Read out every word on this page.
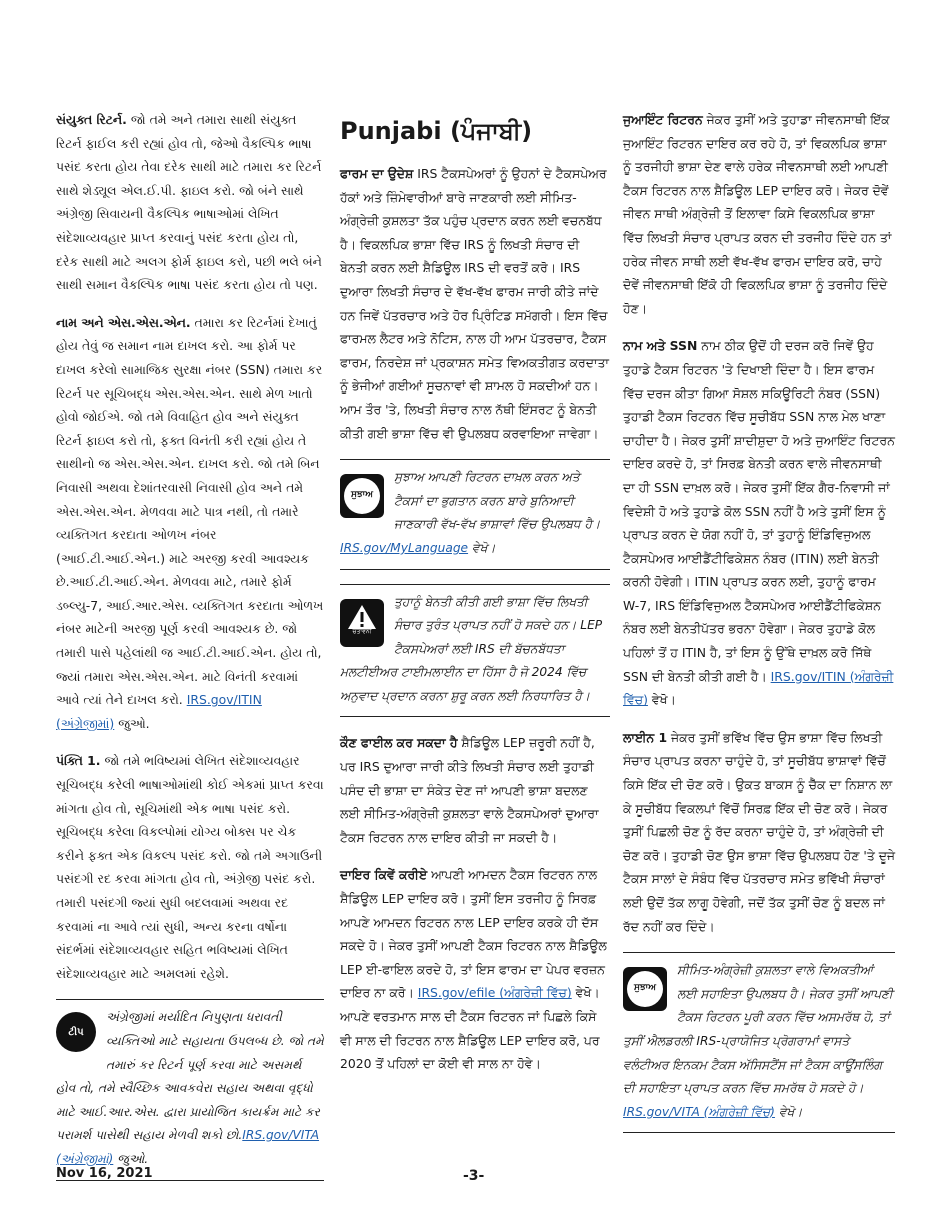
સંયુક્ત રિટર્ન. જો તમે અને તમારા સાથી સંયુક્ત રિટર્ન ફાઈલ કરી રહ્યાં હોવ તો, જેઓ વૈકલ્પિક ભાષા પસંદ કરતા હોય તેવા દરેક સાથી માટે તમારા કર રિટર્ન સાથે શેડ્યૂલ એલ.ઈ.પી. ફાઇલ કરો. જો બંને સાથે અંગ્રેજી સિવાયની વૈકલ્પિક ભાષાઓમાં લેખિત સંદેશાવ્યવહાર પ્રાપ્ત કરવાનું પસંદ કરતા હોય તો, દરેક સાથી માટે અલગ ફોર્મ ફાઇલ કરો, પછી ભલે બંને સાથી સમાન વૈકલ્પિક ભાષા પસંદ કરતા હોય તો પણ.

નામ અને એસ.એસ.એન. તમારા કર રિટર્નમાં દેખાતું હોય તેવું જ સમાન નામ દાખલ કરો. આ ફોર્મ પર દાખલ કરેલો સામાજિક સુરક્ષા નંબર (SSN) તમારા કર રિટર્ન પર સૂચિબદ્ધ એસ.એસ.એન. સાથે મેળ ખાતો હોવો જોઈએ. જો તમે વિવાહિત હોવ અને સંયુક્ત રિટર્ન ફાઇલ કરો તો, ફક્ત વિનંતી કરી રહ્યાં હોય તે સાથીનો જ એસ.એસ.એન. દાખલ કરો. જો તમે બિન નિવાસી અથવા દેશાંતરવાસી નિવાસી હોવ અને તમે એસ.એસ.એન. મેળવવા માટે પાત્ર નથી, તો તમારે વ્યક્તિગત કરદાતા ઓળખ નંબર (આઈ.ટી.આઈ.એન.) માટે અરજી કરવી આવશ્યક છે.આઈ.ટી.આઈ.એન. મેળવવા માટે, તમારે ફોર્મ ડબ્લ્યુ-7, આઈ.આર.એસ. વ્યક્તિગત કરદાતા ઓળખ નંબર માટેની અરજી પૂર્ણ કરવી આવશ્યક છે. જો તમારી પાસે પહેલાંથી જ આઈ.ટી.આઈ.એન. હોય તો, જ્યાં તમારા એસ.એસ.એન. માટે વિનંતી કરવામાં આવે ત્યાં તેને દાખલ કરો. IRS.gov/ITIN (અંગ્રેજીમાં) જુઓ.

પંક્તિ 1. જો તમે ભવિષ્યમાં લેખિત સંદેશાવ્યવહાર સૂચિબદ્ધ કરેલી ભાષાઓમાંથી કોઈ એકમાં પ્રાપ્ત કરવા માંગતા હોવ તો, સૂચિમાંથી એક ભાષા પસંદ કરો. સૂચિબદ્ધ કરેલા વિકલ્પોમાં યોગ્ય બોક્સ પર ચેક કરીને ફક્ત એક વિકલ્પ પસંદ કરો. જો તમે અગાઉની પસંદગી રદ કરવા માંગતા હોવ તો, અંગ્રેજી પસંદ કરો. તમારી પસંદગી જ્યાં સુધી બદલવામાં અથવા રદ કરવામાં ના આવે ત્યાં સુધી, અન્ય કરના વર્ષોના સંદર્ભમાં સંદેશાવ્યવહાર સહિત ભવિષ્યમાં લેખિત સંદેશાવ્યવહાર માટે અમલમાં રહેશે.

ટીપ
અંગ્રેજીમાં મર્યાદિત નિપુણતા ધરાવતી વ્યક્તિઓ માટે સહાયતા ઉપલબ્ધ છે. જો તમે તમારું કર રિટર્ન પૂર્ણ કરવા માટે અસમર્થ હોવ તો, તમે સ્વૈચ્છિક આવકવેરા સહાય અથવા વૃદ્ધો માટે આઈ.આર.એસ. દ્વારા પ્રાયોજિત કાયર્ક્રમ માટે કર પરામર્શ પાસેથી સહાય મેળવી શકો છો.IRS.gov/VITA (અંગ્રેજીમાં) જુઓ.
Punjabi (ਪੰਜਾਬੀ)

ਫਾਰਮ ਦਾ ਉਦੇਸ਼ IRS ਟੈਕਸਪੇਅਰਾਂ ਨੂੰ ਉਹਨਾਂ ਦੇ ਟੈਕਸਪੇਅਰ ਹੱਕਾਂ ਅਤੇ ਜ਼ਿੰਮੇਵਾਰੀਆਂ ਬਾਰੇ ਜਾਣਕਾਰੀ ਲਈ ਸੀਮਿਤ-ਅੰਗ੍ਰੇਜ਼ੀ ਕੁਸ਼ਲਤਾ ਤੱਕ ਪਹੁੰਚ ਪ੍ਰਦਾਨ ਕਰਨ ਲਈ ਵਚਨਬੱਧ ਹੈ। ਵਿਕਲਪਿਕ ਭਾਸ਼ਾ ਵਿੱਚ IRS ਨੂੰ ਲਿਖਤੀ ਸੰਚਾਰ ਦੀ ਬੇਨਤੀ ਕਰਨ ਲਈ ਸ਼ੈਡਿਊਲ IRS ਦੀ ਵਰਤੋਂ ਕਰੋ। IRS ਦੁਆਰਾ ਲਿਖਤੀ ਸੰਚਾਰ ਦੇ ਵੱਖ-ਵੱਖ ਫਾਰਮ ਜਾਰੀ ਕੀਤੇ ਜਾਂਦੇ ਹਨ ਜਿਵੇਂ ਪੱਤਰਚਾਰ ਅਤੇ ਹੋਰ ਪ੍ਰਿੰਟਿਡ ਸਮੱਗਰੀ। ਇਸ ਵਿੱਚ ਫਾਰਮਲ ਲੈਟਰ ਅਤੇ ਨੋਟਿਸ, ਨਾਲ ਹੀ ਆਮ ਪੱਤਰਚਾਰ, ਟੈਕਸ ਫਾਰਮ, ਨਿਰਦੇਸ਼ ਜਾਂ ਪ੍ਰਕਾਸ਼ਨ ਸਮੇਤ ਵਿਅਕਤੀਗਤ ਕਰਦਾਤਾ ਨੂੰ ਭੇਜੀਆਂ ਗਈਆਂ ਸੂਚਨਾਵਾਂ ਵੀ ਸ਼ਾਮਲ ਹੋ ਸਕਦੀਆਂ ਹਨ। ਆਮ ਤੌਰ 'ਤੇ, ਲਿਖਤੀ ਸੰਚਾਰ ਨਾਲ ਨੱਥੀ ਇੰਸਰਟ ਨੂੰ ਬੇਨਤੀ ਕੀਤੀ ਗਈ ਭਾਸ਼ਾ ਵਿੱਚ ਵੀ ਉਪਲਬਧ ਕਰਵਾਇਆ ਜਾਵੇਗਾ।

ਸੁਝਾਅ
ਸੁਝਾਅ ਆਪਣੀ ਰਿਟਰਨ ਦਾਖ਼ਲ ਕਰਨ ਅਤੇ ਟੈਕਸਾਂ ਦਾ ਭੁਗਤਾਨ ਕਰਨ ਬਾਰੇ ਬੁਨਿਆਦੀ ਜਾਣਕਾਰੀ ਵੱਖ-ਵੱਖ ਭਾਸ਼ਾਵਾਂ ਵਿੱਚ ਉਪਲਬਧ ਹੈ। IRS.gov/MyLanguage ਵੇਖੋ।
ਚੇਤਾਵਨੀ
ਤੁਹਾਨੂੰ ਬੇਨਤੀ ਕੀਤੀ ਗਈ ਭਾਸ਼ਾ ਵਿੱਚ ਲਿਖਤੀ ਸੰਚਾਰ ਤੁਰੰਤ ਪ੍ਰਾਪਤ ਨਹੀਂ ਹੋ ਸਕਦੇ ਹਨ। LEP ਟੈਕਸਪੇਅਰਾਂ ਲਈ IRS ਦੀ ਬੱਚਨਬੱਧਤਾ ਮਲਟੀਈਅਰ ਟਾਈਮਲਾਈਨ ਦਾ ਹਿੱਸਾ ਹੈ ਜੋ 2024 ਵਿੱਚ ਅਨੁਵਾਦ ਪ੍ਰਦਾਨ ਕਰਨਾ ਸ਼ੁਰੂ ਕਰਨ ਲਈ ਨਿਰਧਾਰਿਤ ਹੈ।

ਕੌਣ ਫਾਈਲ ਕਰ ਸਕਦਾ ਹੈ ਸ਼ੈਡਿਊਲ LEP ਜ਼ਰੂਰੀ ਨਹੀਂ ਹੈ, ਪਰ IRS ਦੁਆਰਾ ਜਾਰੀ ਕੀਤੇ ਲਿਖਤੀ ਸੰਚਾਰ ਲਈ ਤੁਹਾਡੀ ਪਸੰਦ ਦੀ ਭਾਸ਼ਾ ਦਾ ਸੰਕੇਤ ਦੇਣ ਜਾਂ ਆਪਣੀ ਭਾਸ਼ਾ ਬਦਲਣ ਲਈ ਸੀਮਿਤ-ਅੰਗ੍ਰੇਜ਼ੀ ਕੁਸ਼ਲਤਾ ਵਾਲੇ ਟੈਕਸਪੇਅਰਾਂ ਦੁਆਰਾ ਟੈਕਸ ਰਿਟਰਨ ਨਾਲ ਦਾਇਰ ਕੀਤੀ ਜਾ ਸਕਦੀ ਹੈ।

ਦਾਇਰ ਕਿਵੇਂ ਕਰੀਏ ਆਪਣੀ ਆਮਦਨ ਟੈਕਸ ਰਿਟਰਨ ਨਾਲ ਸ਼ੈਡਿਊਲ LEP ਦਾਇਰ ਕਰੋ। ਤੁਸੀਂ ਇਸ ਤਰਜੀਹ ਨੂੰ ਸਿਰਫ਼ ਆਪਣੇ ਆਮਦਨ ਰਿਟਰਨ ਨਾਲ LEP ਦਾਇਰ ਕਰਕੇ ਹੀ ਦੱਸ ਸਕਦੇ ਹੋ। ਜੇਕਰ ਤੁਸੀਂ ਆਪਣੀ ਟੈਕਸ ਰਿਟਰਨ ਨਾਲ ਸ਼ੈਡਿਊਲ LEP ਈ-ਫਾਇਲ ਕਰਦੇ ਹੋ, ਤਾਂ ਇਸ ਫਾਰਮ ਦਾ ਪੇਪਰ ਵਰਜ਼ਨ ਦਾਇਰ ਨਾ ਕਰੋ। IRS.gov/efile (ਅੰਗਰੇਜ਼ੀ ਵਿੱਚ) ਵੇਖੋ। ਆਪਣੇ ਵਰਤਮਾਨ ਸਾਲ ਦੀ ਟੈਕਸ ਰਿਟਰਨ ਜਾਂ ਪਿਛਲੇ ਕਿਸੇ ਵੀ ਸਾਲ ਦੀ ਰਿਟਰਨ ਨਾਲ ਸ਼ੈਡਿਊਲ LEP ਦਾਇਰ ਕਰੋ, ਪਰ 2020 ਤੋਂ ਪਹਿਲਾਂ ਦਾ ਕੋਈ ਵੀ ਸਾਲ ਨਾ ਹੋਵੇ।

ਜੁਆਇੰਟ ਰਿਟਰਨ ਜੇਕਰ ਤੁਸੀਂ ਅਤੇ ਤੁਹਾਡਾ ਜੀਵਨਸਾਥੀ ਇੱਕ ਜੁਆਇੰਟ ਰਿਟਰਨ ਦਾਇਰ ਕਰ ਰਹੇ ਹੋ, ਤਾਂ ਵਿਕਲਪਿਕ ਭਾਸ਼ਾ ਨੂੰ ਤਰਜੀਹੀ ਭਾਸ਼ਾ ਦੇਣ ਵਾਲੇ ਹਰੇਕ ਜੀਵਨਸਾਥੀ ਲਈ ਆਪਣੀ ਟੈਕਸ ਰਿਟਰਨ ਨਾਲ ਸ਼ੈਡਿਊਲ LEP ਦਾਇਰ ਕਰੋ। ਜੇਕਰ ਦੋਵੇਂ ਜੀਵਨ ਸਾਥੀ ਅੰਗ੍ਰੇਜ਼ੀ ਤੋਂ ਇਲਾਵਾ ਕਿਸੇ ਵਿਕਲਪਿਕ ਭਾਸ਼ਾ ਵਿੱਚ ਲਿਖਤੀ ਸੰਚਾਰ ਪ੍ਰਾਪਤ ਕਰਨ ਦੀ ਤਰਜੀਹ ਦਿੰਦੇ ਹਨ ਤਾਂ ਹਰੇਕ ਜੀਵਨ ਸਾਥੀ ਲਈ ਵੱਖ-ਵੱਖ ਫਾਰਮ ਦਾਇਰ ਕਰੋ, ਚਾਹੇ ਦੋਵੇਂ ਜੀਵਨਸਾਥੀ ਇੱਕੋ ਹੀ ਵਿਕਲਪਿਕ ਭਾਸ਼ਾ ਨੂੰ ਤਰਜੀਹ ਦਿੰਦੇ ਹੋਣ।

ਨਾਮ ਅਤੇ SSN ਨਾਮ ਠੀਕ ਉਦੋਂ ਹੀ ਦਰਜ ਕਰੋ ਜਿਵੇਂ ਉਹ ਤੁਹਾਡੇ ਟੈਕਸ ਰਿਟਰਨ 'ਤੇ ਦਿਖਾਈ ਦਿੰਦਾ ਹੈ। ਇਸ ਫਾਰਮ ਵਿੱਚ ਦਰਜ ਕੀਤਾ ਗਿਆ ਸੋਸ਼ਲ ਸਕਿਊਰਿਟੀ ਨੰਬਰ (SSN) ਤੁਹਾਡੀ ਟੈਕਸ ਰਿਟਰਨ ਵਿੱਚ ਸੂਚੀਬੱਧ SSN ਨਾਲ ਮੇਲ ਖਾਣਾ ਚਾਹੀਦਾ ਹੈ। ਜੇਕਰ ਤੁਸੀਂ ਸ਼ਾਦੀਸ਼ੁਦਾ ਹੋ ਅਤੇ ਜੁਆਇੰਟ ਰਿਟਰਨ ਦਾਇਰ ਕਰਦੇ ਹੋ, ਤਾਂ ਸਿਰਫ਼ ਬੇਨਤੀ ਕਰਨ ਵਾਲੇ ਜੀਵਨਸਾਥੀ ਦਾ ਹੀ SSN ਦਾਖ਼ਲ ਕਰੋ। ਜੇਕਰ ਤੁਸੀਂ ਇੱਕ ਗੈਰ-ਨਿਵਾਸੀ ਜਾਂ ਵਿਦੇਸ਼ੀ ਹੋ ਅਤੇ ਤੁਹਾਡੇ ਕੋਲ SSN ਨਹੀਂ ਹੈ ਅਤੇ ਤੁਸੀਂ ਇਸ ਨੂੰ ਪ੍ਰਾਪਤ ਕਰਨ ਦੇ ਯੋਗ ਨਹੀਂ ਹੋ, ਤਾਂ ਤੁਹਾਨੂੰ ਇੰਡਿਵਿਜੁਅਲ ਟੈਕਸਪੇਅਰ ਆਈਡੈਂਟੀਫਿਕੇਸ਼ਨ ਨੰਬਰ (ITIN) ਲਈ ਬੇਨਤੀ ਕਰਨੀ ਹੋਵੇਗੀ। ITIN ਪ੍ਰਾਪਤ ਕਰਨ ਲਈ, ਤੁਹਾਨੂੰ ਫਾਰਮ W-7, IRS ਇੰਡਿਵਿਜੁਅਲ ਟੈਕਸਪੇਅਰ ਆਈਡੈਂਟੀਫਿਕੇਸ਼ਨ ਨੰਬਰ ਲਈ ਬੇਨਤੀਪੱਤਰ ਭਰਨਾ ਹੋਵੇਗਾ। ਜੇਕਰ ਤੁਹਾਡੇ ਕੋਲ ਪਹਿਲਾਂ ਤੋਂ ਹ ITIN ਹੈ, ਤਾਂ ਇਸ ਨੂੰ ਉੱਥੇ ਦਾਖ਼ਲ ਕਰੋ ਜਿੱਥੇ SSN ਦੀ ਬੇਨਤੀ ਕੀਤੀ ਗਈ ਹੈ। IRS.gov/ITIN (ਅੰਗਰੇਜ਼ੀ ਵਿੱਚ) ਵੇਖੋ।

ਲਾਈਨ 1 ਜੇਕਰ ਤੁਸੀਂ ਭਵਿੱਖ ਵਿੱਚ ਉਸ ਭਾਸ਼ਾ ਵਿੱਚ ਲਿਖਤੀ ਸੰਚਾਰ ਪ੍ਰਾਪਤ ਕਰਨਾ ਚਾਹੁੰਦੇ ਹੋ, ਤਾਂ ਸੂਚੀਬੱਧ ਭਾਸ਼ਾਵਾਂ ਵਿੱਚੋਂ ਕਿਸੇ ਇੱਕ ਦੀ ਚੋਣ ਕਰੋ। ਉਕਤ ਬਾਕਸ ਨੂੰ ਚੈੱਕ ਦਾ ਨਿਸ਼ਾਨ ਲਾ ਕੇ ਸੂਚੀਬੱਧ ਵਿਕਲਪਾਂ ਵਿੱਚੋਂ ਸਿਰਫ਼ ਇੱਕ ਦੀ ਚੋਣ ਕਰੋ। ਜੇਕਰ ਤੁਸੀਂ ਪਿਛਲੀ ਚੋਣ ਨੂੰ ਰੱਦ ਕਰਨਾ ਚਾਹੁੰਦੇ ਹੋ, ਤਾਂ ਅੰਗ੍ਰੇਜ਼ੀ ਦੀ ਚੋਣ ਕਰੋ। ਤੁਹਾਡੀ ਚੋਣ ਉਸ ਭਾਸ਼ਾ ਵਿੱਚ ਉਪਲਬਧ ਹੋਣ 'ਤੇ ਦੂਜੇ ਟੈਕਸ ਸਾਲਾਂ ਦੇ ਸੰਬੰਧ ਵਿੱਚ ਪੱਤਰਚਾਰ ਸਮੇਤ ਭਵਿੱਖੀ ਸੰਚਾਰਾਂ ਲਈ ਉਦੋਂ ਤੱਕ ਲਾਗੂ ਹੋਵੇਗੀ, ਜਦੋਂ ਤੱਕ ਤੁਸੀਂ ਚੋਣ ਨੂੰ ਬਦਲ ਜਾਂ ਰੱਦ ਨਹੀਂ ਕਰ ਦਿੰਦੇ।

ਸੁਝਾਅ
ਸੀਮਿਤ-ਅੰਗ੍ਰੇਜ਼ੀ ਕੁਸ਼ਲਤਾ ਵਾਲੇ ਵਿਅਕਤੀਆਂ ਲਈ ਸਹਾਇਤਾ ਉਪਲਬਧ ਹੈ। ਜੇਕਰ ਤੁਸੀਂ ਆਪਣੀ ਟੈਕਸ ਰਿਟਰਨ ਪੂਰੀ ਕਰਨ ਵਿੱਚ ਅਸਮਰੱਥ ਹੋ, ਤਾਂ ਤੁਸੀਂ ਐਲਡਰਲੀ IRS-ਪ੍ਰਾਯੋਜਿਤ ਪ੍ਰੋਗਰਾਮਾਂ ਵਾਸਤੇ ਵਲੰਟੀਅਰ ਇਨਕਮ ਟੈਕਸ ਅੱਸਿਸਟੈਂਸ ਜਾਂ ਟੈਕਸ ਕਾਊਂਸਲਿੰਗ ਦੀ ਸਹਾਇਤਾ ਪ੍ਰਾਪਤ ਕਰਨ ਵਿੱਚ ਸਮਰੱਥ ਹੋ ਸਕਦੇ ਹੋ। IRS.gov/VITA (ਅੰਗਰੇਜ਼ੀ ਵਿੱਚ) ਵੇਖੋ।
Nov 16, 2021	-3-
